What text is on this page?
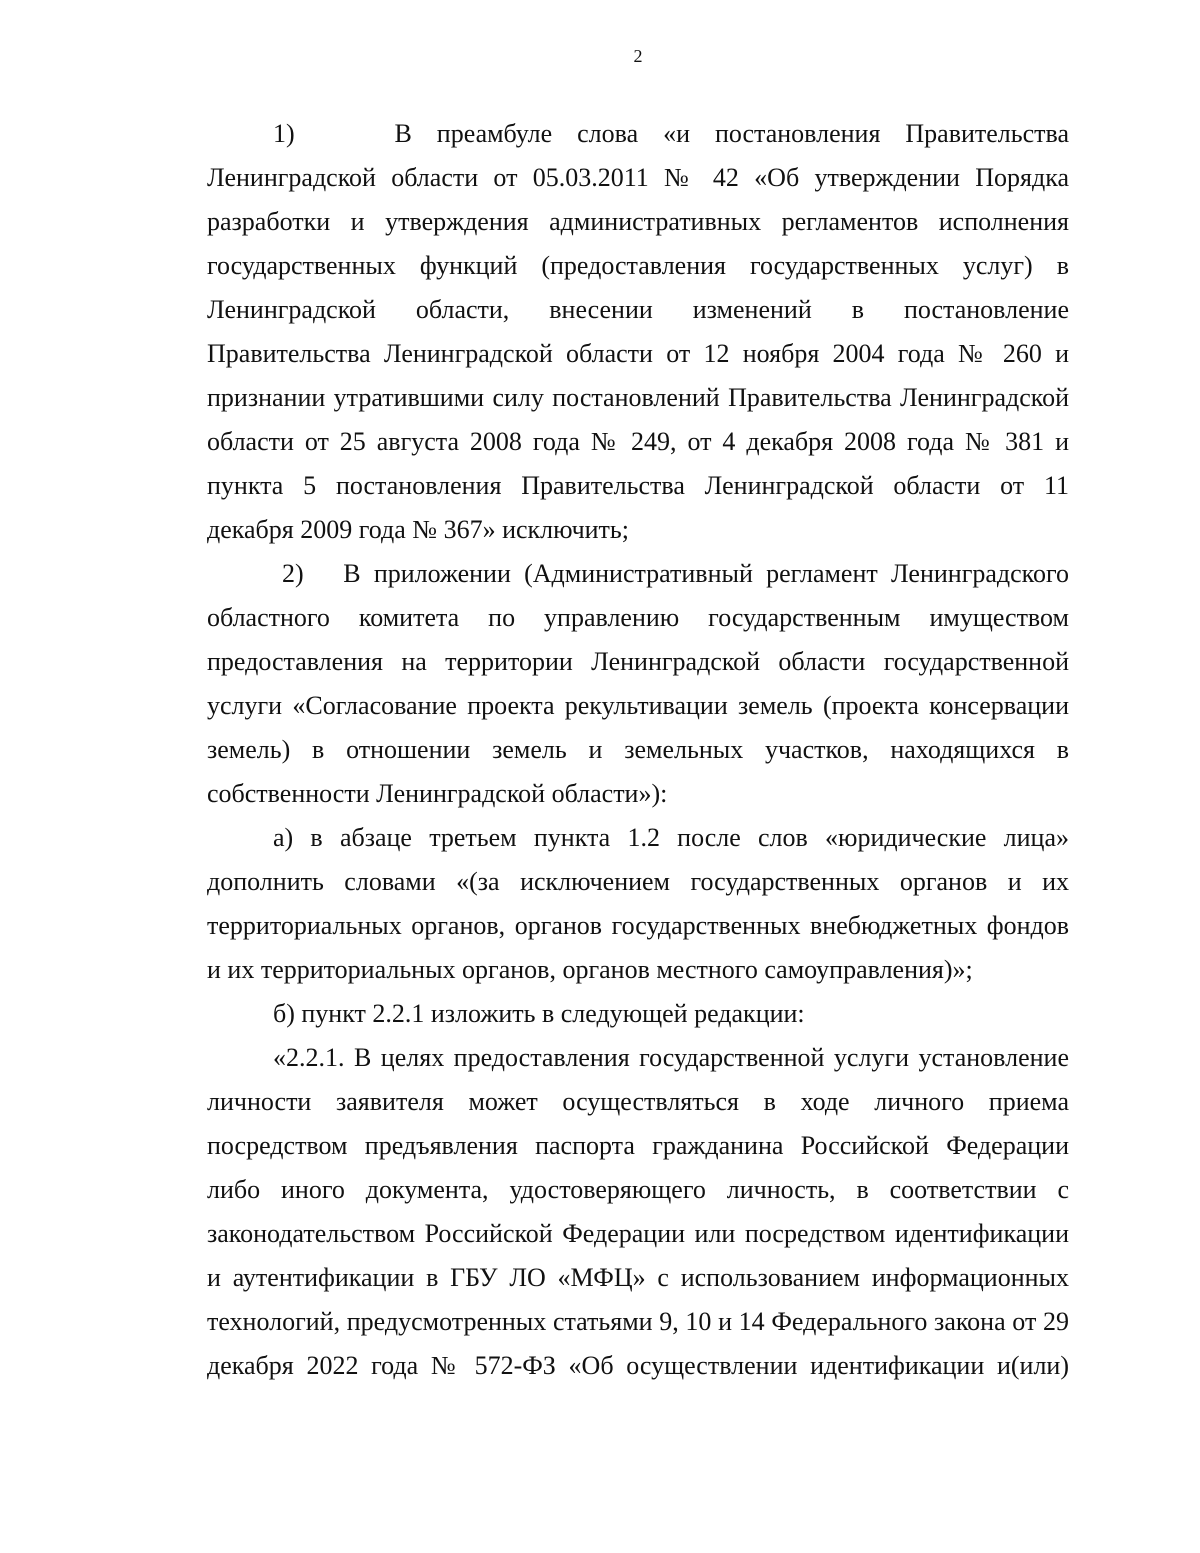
2

1)    В преамбуле слова «и постановления Правительства Ленинградской области от 05.03.2011 № 42 «Об утверждении Порядка разработки и утверждения административных регламентов исполнения государственных функций (предоставления государственных услуг) в Ленинградской области, внесении изменений в постановление Правительства Ленинградской области от 12 ноября 2004 года № 260 и признании утратившими силу постановлений Правительства Ленинградской области от 25 августа 2008 года № 249, от 4 декабря 2008 года № 381 и пункта 5 постановления Правительства Ленинградской области от 11 декабря 2009 года № 367» исключить;

2)   В приложении (Административный регламент Ленинградского областного комитета по управлению государственным имуществом предоставления на территории Ленинградской области государственной услуги «Согласование проекта рекультивации земель (проекта консервации земель) в отношении земель и земельных участков, находящихся в собственности Ленинградской области»):

а) в абзаце третьем пункта 1.2 после слов «юридические лица» дополнить словами «(за исключением государственных органов и их территориальных органов, органов государственных внебюджетных фондов и их территориальных органов, органов местного самоуправления)»;

б) пункт 2.2.1 изложить в следующей редакции:

«2.2.1. В целях предоставления государственной услуги установление личности заявителя может осуществляться в ходе личного приема посредством предъявления паспорта гражданина Российской Федерации либо иного документа, удостоверяющего личность, в соответствии с законодательством Российской Федерации или посредством идентификации и аутентификации в ГБУ ЛО «МФЦ» с использованием информационных технологий, предусмотренных статьями 9, 10 и 14 Федерального закона от 29 декабря 2022 года № 572-ФЗ «Об осуществлении идентификации и(или)
